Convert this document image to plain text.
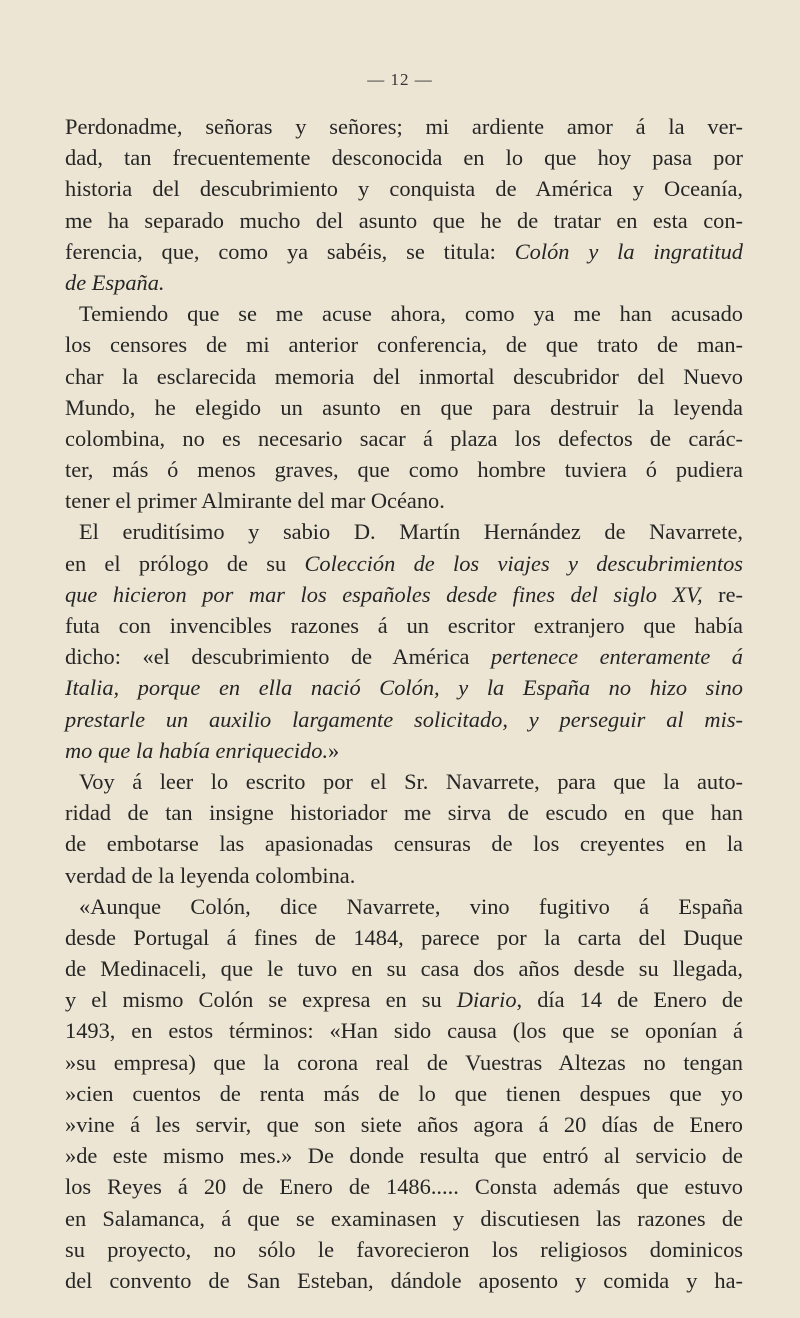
— 12 —
Perdonadme, señoras y señores; mi ardiente amor á la ver-
dad, tan frecuentemente desconocida en lo que hoy pasa por
historia del descubrimiento y conquista de América y Oceanía,
me ha separado mucho del asunto que he de tratar en esta con-
ferencia, que, como ya sabéis, se titula: Colón y la ingratitud
de España.
Temiendo que se me acuse ahora, como ya me han acusado
los censores de mi anterior conferencia, de que trato de man-
char la esclarecida memoria del inmortal descubridor del Nuevo
Mundo, he elegido un asunto en que para destruir la leyenda
colombina, no es necesario sacar á plaza los defectos de carác-
ter, más ó menos graves, que como hombre tuviera ó pudiera
tener el primer Almirante del mar Océano.
El eruditísimo y sabio D. Martín Hernández de Navarrete,
en el prólogo de su Colección de los viajes y descubrimientos
que hicieron por mar los españoles desde fines del siglo XV, re-
futa con invencibles razones á un escritor extranjero que había
dicho: «el descubrimiento de América pertenece enteramente á
Italia, porque en ella nació Colón, y la España no hizo sino
prestarle un auxilio largamente solicitado, y perseguir al mis-
mo que la había enriquecido.»
Voy á leer lo escrito por el Sr. Navarrete, para que la auto-
ridad de tan insigne historiador me sirva de escudo en que han
de embotarse las apasionadas censuras de los creyentes en la
verdad de la leyenda colombina.
«Aunque Colón, dice Navarrete, vino fugitivo á España
desde Portugal á fines de 1484, parece por la carta del Duque
de Medinaceli, que le tuvo en su casa dos años desde su llegada,
y el mismo Colón se expresa en su Diario, día 14 de Enero de
1493, en estos términos: «Han sido causa (los que se oponían á
»su empresa) que la corona real de Vuestras Altezas no tengan
»cien cuentos de renta más de lo que tienen despues que yo
»vine á les servir, que son siete años agora á 20 días de Enero
»de este mismo mes.» De donde resulta que entró al servicio de
los Reyes á 20 de Enero de 1486..... Consta además que estuvo
en Salamanca, á que se examinasen y discutiesen las razones de
su proyecto, no sólo le favorecieron los religiosos dominicos
del convento de San Esteban, dándole aposento y comida y ha-
